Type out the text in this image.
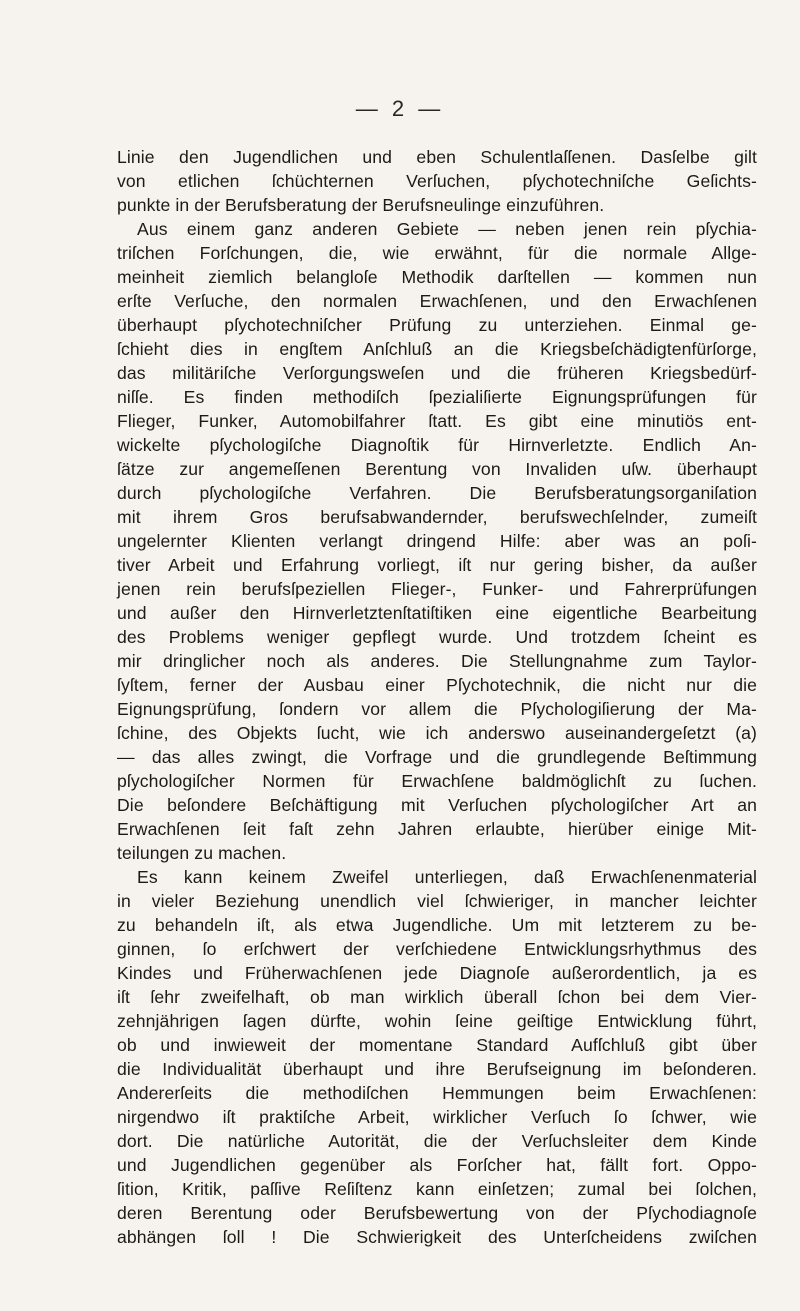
— 2 —
Linie den Jugendlichen und eben Schulentlaſſenen. Dasſelbe gilt
von etlichen ſchüchternen Verſuchen, pſychotechniſche Geſichts-
punkte in der Berufsberatung der Berufsneulinge einzuführen.
Aus einem ganz anderen Gebiete — neben jenen rein pſychia-
triſchen Forſchungen, die, wie erwähnt, für die normale Allge-
meinheit ziemlich belangloſe Methodik darſtellen — kommen nun
erſte Verſuche, den normalen Erwachſenen, und den Erwachſenen
überhaupt pſychotechniſcher Prüfung zu unterziehen. Einmal ge-
ſchieht dies in engſtem Anſchluß an die Kriegsbeſchädigtenfürſorge,
das militäriſche Verſorgungsweſen und die früheren Kriegsbedürf-
niſſe. Es finden methodiſch ſpezialiſierte Eignungsprüfungen für
Flieger, Funker, Automobilfahrer ſtatt. Es gibt eine minutiös ent-
wickelte pſychologiſche Diagnoſtik für Hirnverletzte. Endlich An-
ſätze zur angemeſſenen Berentung von Invaliden uſw. überhaupt
durch pſychologiſche Verfahren. Die Berufsberatungsorganiſation
mit ihrem Gros berufsabwandernder, berufswechſelnder, zumeiſt
ungelernter Klienten verlangt dringend Hilfe: aber was an poſi-
tiver Arbeit und Erfahrung vorliegt, iſt nur gering bisher, da außer
jenen rein berufsſpeziellen Flieger-, Funker- und Fahrerprüfungen
und außer den Hirnverletztenſtatiſtiken eine eigentliche Bearbeitung
des Problems weniger gepflegt wurde. Und trotzdem ſcheint es
mir dringlicher noch als anderes. Die Stellungnahme zum Taylor-
ſyſtem, ferner der Ausbau einer Pſychotechnik, die nicht nur die
Eignungsprüfung, ſondern vor allem die Pſychologiſierung der Ma-
ſchine, des Objekts ſucht, wie ich anderswo auseinandergeſetzt (a)
— das alles zwingt, die Vorfrage und die grundlegende Beſtimmung
pſychologiſcher Normen für Erwachſene baldmöglichſt zu ſuchen.
Die beſondere Beſchäftigung mit Verſuchen pſychologiſcher Art an
Erwachſenen ſeit faſt zehn Jahren erlaubte, hierüber einige Mit-
teilungen zu machen.
Es kann keinem Zweifel unterliegen, daß Erwachſenenmaterial
in vieler Beziehung unendlich viel ſchwieriger, in mancher leichter
zu behandeln iſt, als etwa Jugendliche. Um mit letzterem zu be-
ginnen, ſo erſchwert der verſchiedene Entwicklungsrhythmus des
Kindes und Früherwachſenen jede Diagnoſe außerordentlich, ja es
iſt ſehr zweifelhaft, ob man wirklich überall ſchon bei dem Vier-
zehnjährigen ſagen dürfte, wohin ſeine geiſtige Entwicklung führt,
ob und inwieweit der momentane Standard Aufſchluß gibt über
die Individualität überhaupt und ihre Berufseignung im beſonderen.
Andererſeits die methodiſchen Hemmungen beim Erwachſenen:
nirgendwo iſt praktiſche Arbeit, wirklicher Verſuch ſo ſchwer, wie
dort. Die natürliche Autorität, die der Verſuchsleiter dem Kinde
und Jugendlichen gegenüber als Forſcher hat, fällt fort. Oppo-
ſition, Kritik, paſſive Reſiſtenz kann einſetzen; zumal bei ſolchen,
deren Berentung oder Berufsbewertung von der Pſychodiagnoſe
abhängen ſoll ! Die Schwierigkeit des Unterſcheidens zwiſchen
